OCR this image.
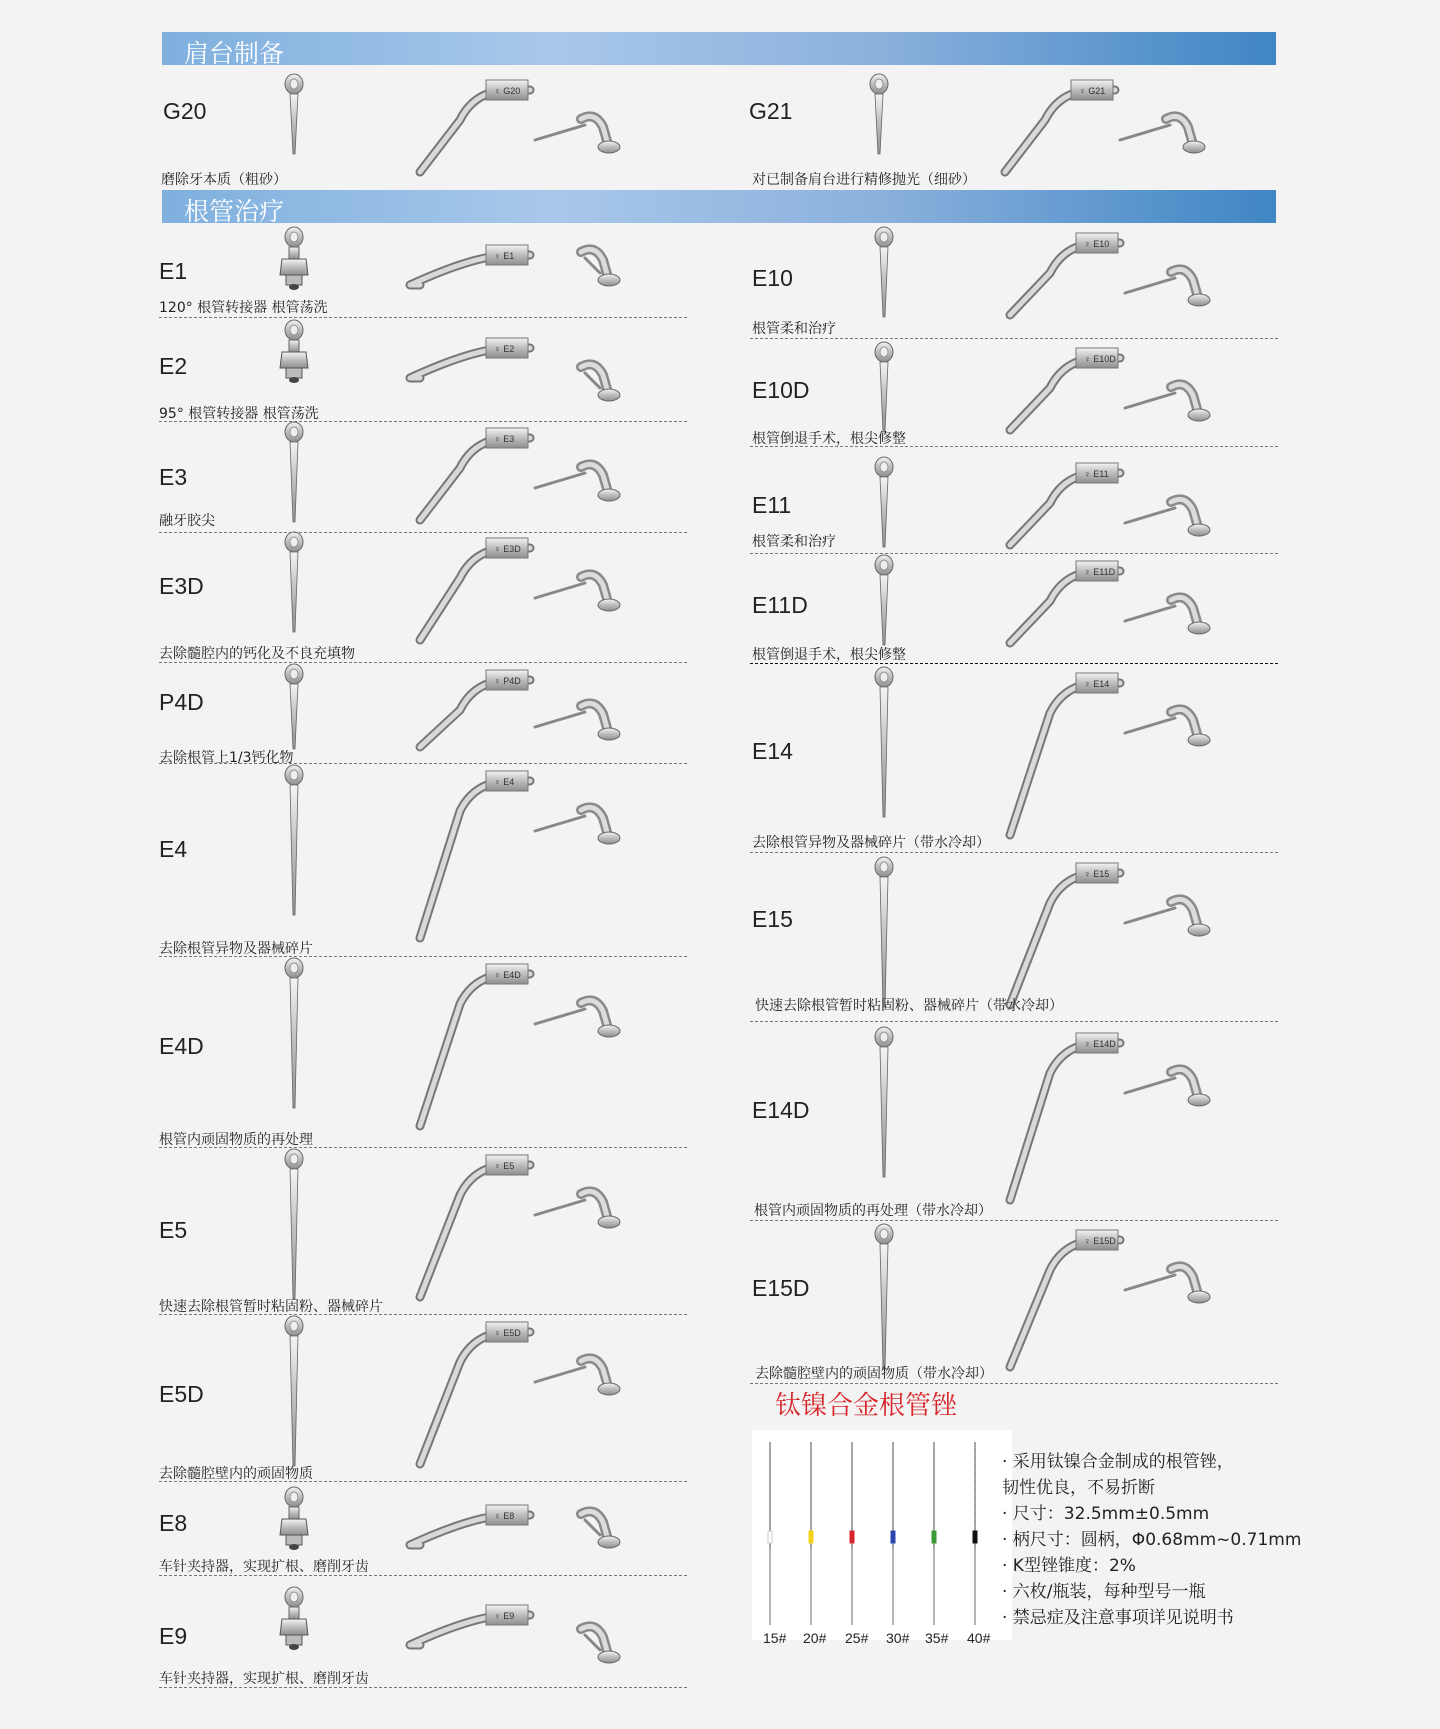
肩台制备
根管治疗
G20
磨除牙本质（粗砂）
G21
对已制备肩台进行精修抛光（细砂）
♀ G20	♀ G21
♀ E1
♀ E2
♀ E3
♀ E3D
♀ P4D
♀ E4
♀ E4D
♀ E5
♀ E5D
♀ E8
♀ E9
♀ E10
♀ E10D
♀ E11
♀ E11D
♀ E14
♀ E15
♀ E14D
♀ E15D
E1
120° 根管转接器 根管荡洗
E2
95° 根管转接器 根管荡洗
E3
融牙胶尖
E3D
去除髓腔内的钙化及不良充填物
P4D
去除根管上1/3钙化物
E4
去除根管异物及器械碎片
E4D
根管内顽固物质的再处理
E5
快速去除根管暂时粘固粉、器械碎片
E5D
去除髓腔壁内的顽固物质
E8
车针夹持器，实现扩根、磨削牙齿
E9
车针夹持器，实现扩根、磨削牙齿
E10
根管柔和治疗
E10D
根管倒退手术，根尖修整
E11
根管柔和治疗
E11D
根管倒退手术，根尖修整
E14
去除根管异物及器械碎片（带水冷却）
E15
快速去除根管暂时粘固粉、器械碎片（带水冷却）
E14D
根管内顽固物质的再处理（带水冷却）
E15D
去除髓腔壁内的顽固物质（带水冷却）
钛镍合金根管锉
15# 20# 25# 30# 35# 40#
· 采用钛镍合金制成的根管锉，
韧性优良，不易折断
· 尺寸：32.5mm±0.5mm
· 柄尺寸：圆柄，Φ0.68mm~0.71mm
· K型锉锥度：2%
· 六枚/瓶装，每种型号一瓶
· 禁忌症及注意事项详见说明书
